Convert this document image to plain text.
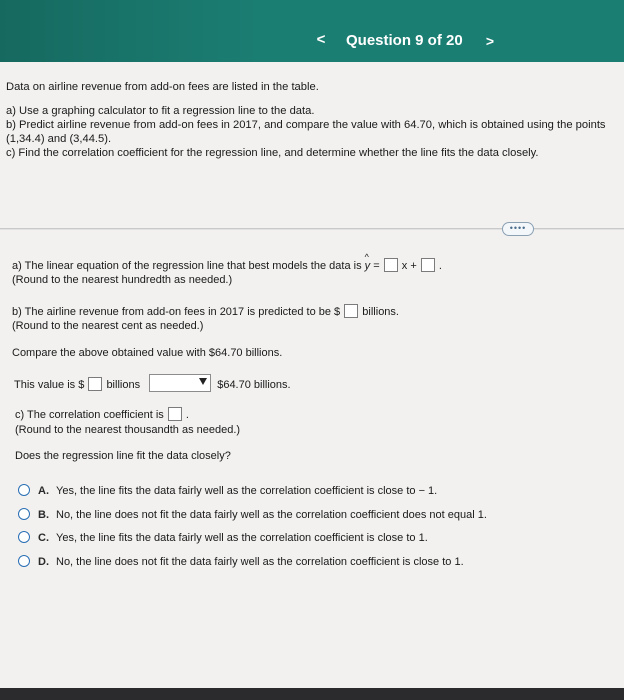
< Question 9 of 20 >

Data on airline revenue from add-on fees are listed in the table.

a) Use a graphing calculator to fit a regression line to the data.

b) Predict airline revenue from add-on fees in 2017, and compare the value with 64.70, which is obtained using the points (1,34.4) and (3,44.5).

c) Find the correlation coefficient for the regression line, and determine whether the line fits the data closely.

••••
a) The linear equation of the regression line that best models the data is ^ y = x + .
(Round to the nearest hundredth as needed.)
b) The airline revenue from add-on fees in 2017 is predicted to be $ billions.
(Round to the nearest cent as needed.)
Compare the above obtained value with $64.70 billions.
This value is $ billions	$64.70 billions.
c) The correlation coefficient is .
(Round to the nearest thousandth as needed.)
Does the regression line fit the data closely?
A. Yes, the line fits the data fairly well as the correlation coefficient is close to − 1.
B. No, the line does not fit the data fairly well as the correlation coefficient does not equal 1.
C. Yes, the line fits the data fairly well as the correlation coefficient is close to 1.
D. No, the line does not fit the data fairly well as the correlation coefficient is close to 1.
